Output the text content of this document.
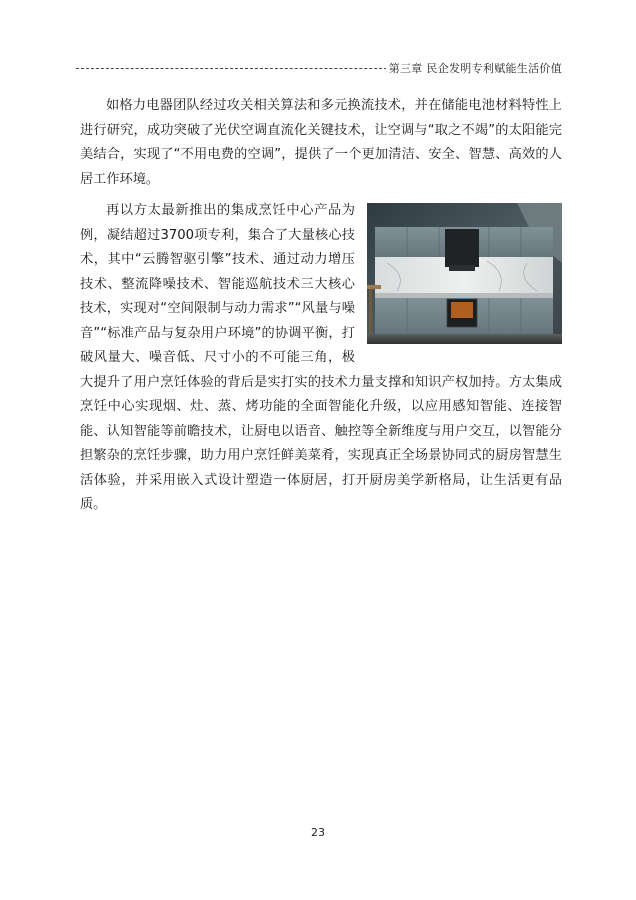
第三章 民企发明专利赋能生活价值

如格力电器团队经过攻关相关算法和多元换流技术，并在储能电池材料特性上进行研究，成功突破了光伏空调直流化关键技术，让空调与“取之不竭”的太阳能完美结合，实现了“不用电费的空调”，提供了一个更加清洁、安全、智慧、高效的人居工作环境。

再以方太最新推出的集成烹饪中心产品为例，凝结超过3700项专利，集合了大量核心技术，其中“云腾智驱引擎”技术、通过动力增压技术、整流降噪技术、智能巡航技术三大核心技术，实现对“空间限制与动力需求”“风量与噪音”“标准产品与复杂用户环境”的协调平衡，打破风量大、噪音低、尺寸小的不可能三角，极大提升了用户烹饪体验的背后是实打实的技术力量支撑和知识产权加持。方太集成烹饪中心实现烟、灶、蒸、烤功能的全面智能化升级，以应用感知智能、连接智能、认知智能等前瞻技术，让厨电以语音、触控等全新维度与用户交互，以智能分担繁杂的烹饪步骤，助力用户烹饪鲜美菜肴，实现真正全场景协同式的厨房智慧生活体验，并采用嵌入式设计塑造一体厨居，打开厨房美学新格局，让生活更有品质。

23
